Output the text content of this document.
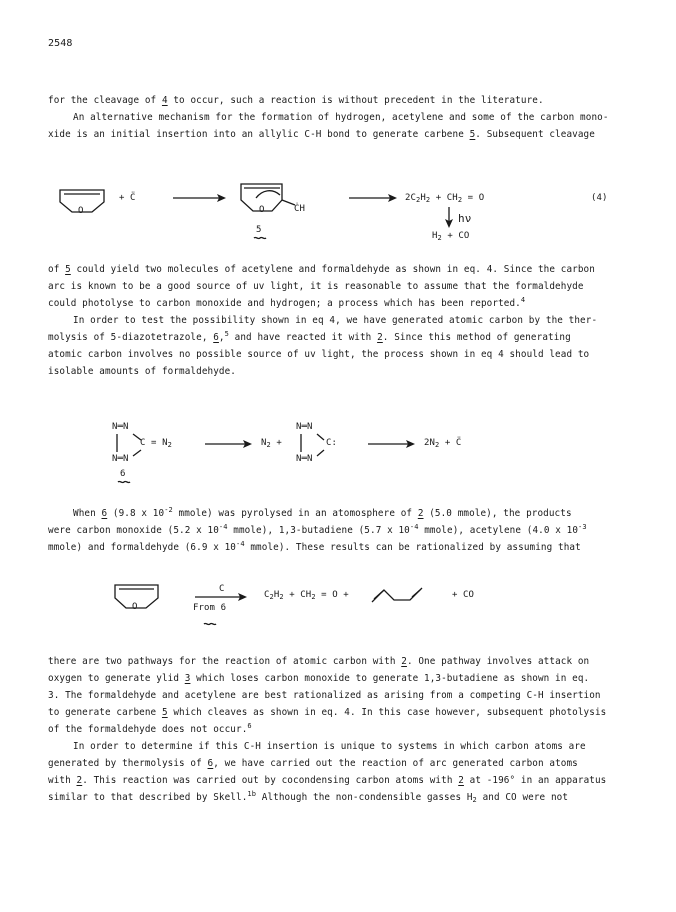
2548
for the cleavage of 4 to occur, such a reaction is without precedent in the literature.
An alternative mechanism for the formation of hydrogen, acetylene and some of the carbon mono-
xide is an initial insertion into an allylic C-H bond to generate carbene 5. Subsequent cleavage
O
+ C̈
O	ĊH
5
$2C_2H_2 + CH_2 = O$
hν
$H_2$ + CO
(4)
of 5 could yield two molecules of acetylene and formaldehyde as shown in eq. 4. Since the carbon
arc is known to be a good source of uv light, it is reasonable to assume that the formaldehyde
could photolyse to carbon monoxide and hydrogen; a process which has been reported.$^4$
In order to test the possibility shown in eq 4, we have generated atomic carbon by the ther-
molysis of 5-diazotetrazole, 6,$^5$ and have reacted it with 2. Since this method of generating
atomic carbon involves no possible source of uv light, the process shown in eq 4 should lead to
isolable amounts of formaldehyde.
N═N
$C = N_2$
N═N
6
$N_2$ +
N═N
C:
N═N
$2N_2$ + C̈
When 6 (9.8 x $10^{-2}$ mmole) was pyrolysed in an atomosphere of 2 (5.0 mmole), the products
were carbon monoxide (5.2 x $10^{-4}$ mmole), 1,3-butadiene (5.7 x $10^{-4}$ mmole), acetylene (4.0 x $10^{-3}$
mmole) and formaldehyde (6.9 x $10^{-4}$ mmole). These results can be rationalized by assuming that
O
C
From 6
$C_2H_2 + CH_2 = O$ +	+ CO
there are two pathways for the reaction of atomic carbon with 2. One pathway involves attack on
oxygen to generate ylid 3 which loses carbon monoxide to generate 1,3-butadiene as shown in eq.
3. The formaldehyde and acetylene are best rationalized as arising from a competing C-H insertion
to generate carbene 5 which cleaves as shown in eq. 4. In this case however, subsequent photolysis
of the formaldehyde does not occur.$^6$
In order to determine if this C-H insertion is unique to systems in which carbon atoms are
generated by thermolysis of 6, we have carried out the reaction of arc generated carbon atoms
with 2. This reaction was carried out by cocondensing carbon atoms with 2 at -196° in an apparatus
similar to that described by Skell.$^{1b}$ Although the non-condensible gasses $H_2$ and CO were not
